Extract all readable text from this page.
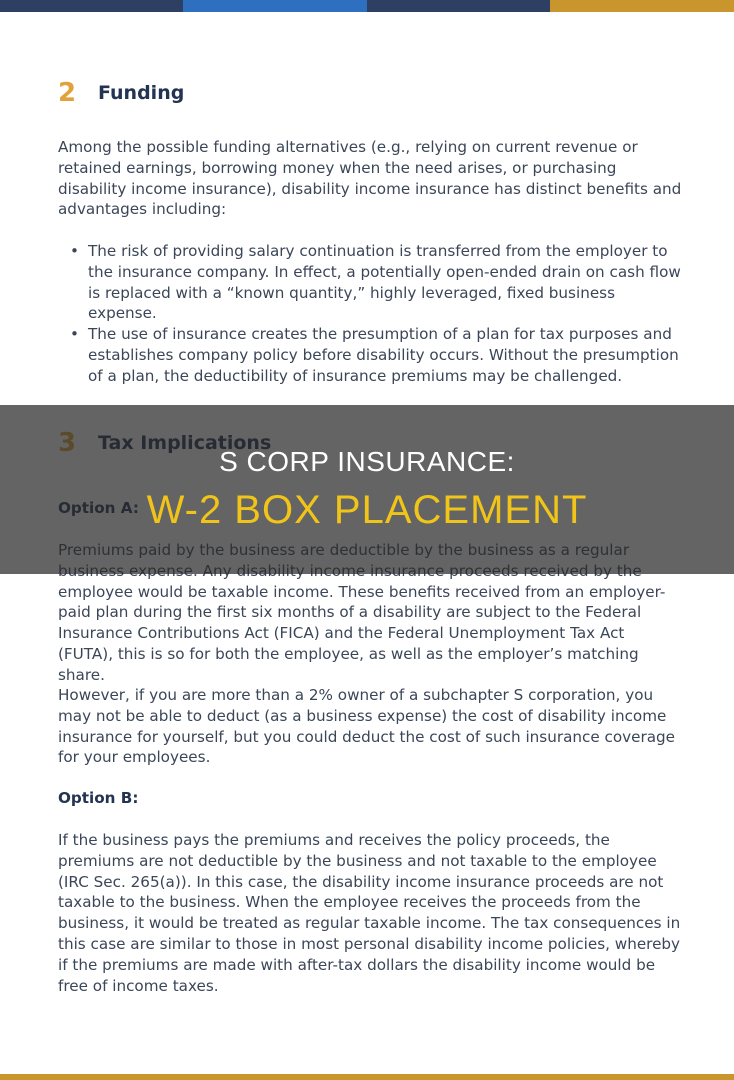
2	Funding

Among the possible funding alternatives (e.g., relying on current revenue or retained earnings, borrowing money when the need arises, or purchasing disability income insurance), disability income insurance has distinct benefits and advantages including:

• The risk of providing salary continuation is transferred from the employer to the insurance company. In effect, a potentially open-ended drain on cash flow is replaced with a “known quantity,” highly leveraged, fixed business expense.
• The use of insurance creates the presumption of a plan for tax purposes and establishes company policy before disability occurs. Without the presumption of a plan, the deductibility of insurance premiums may be challenged.

employee would be taxable income. These benefits received from an employer-paid plan during the first six months of a disability are subject to the Federal Insurance Contributions Act (FICA) and the Federal Unemployment Tax Act (FUTA), this is so for both the employee, as well as the employer’s matching share.

However, if you are more than a 2% owner of a subchapter S corporation, you may not be able to deduct (as a business expense) the cost of disability income insurance for yourself, but you could deduct the cost of such insurance coverage for your employees.

Option B:

If the business pays the premiums and receives the policy proceeds, the premiums are not deductible by the business and not taxable to the employee (IRC Sec. 265(a)). In this case, the disability income insurance proceeds are not taxable to the business. When the employee receives the proceeds from the business, it would be treated as regular taxable income. The tax consequences in this case are similar to those in most personal disability income policies, whereby if the premiums are made with after-tax dollars the disability income would be free of income taxes.

S CORP INSURANCE:
W-2 BOX PLACEMENT
